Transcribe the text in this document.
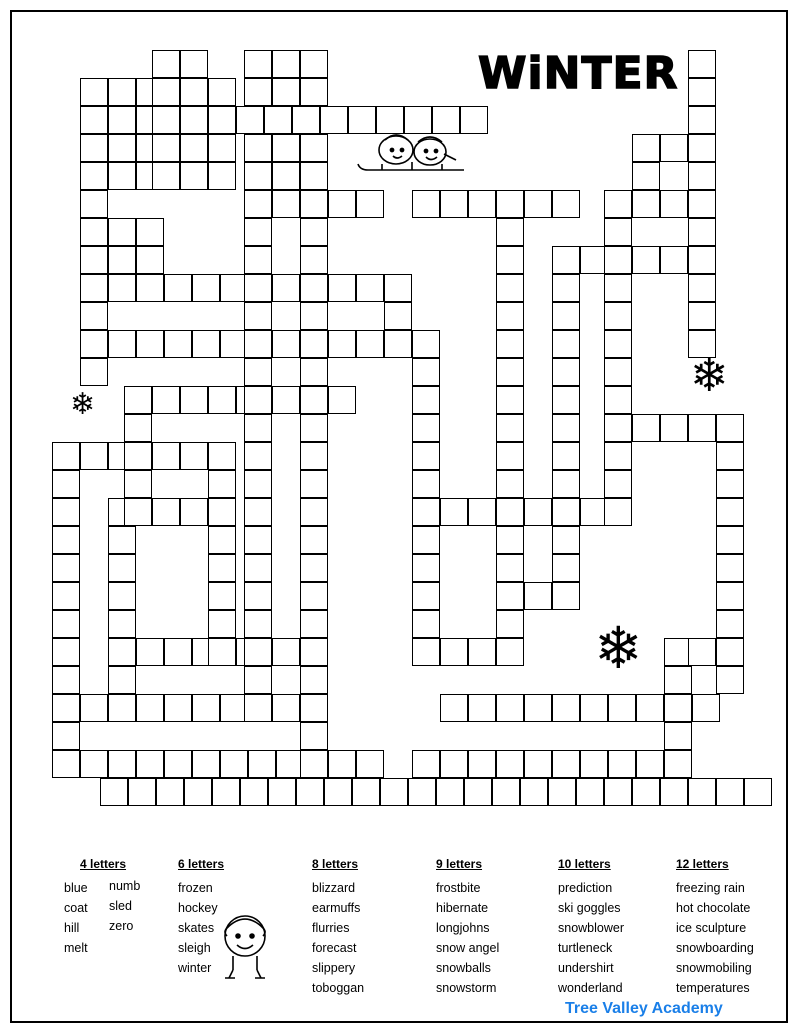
WiNTER
❄
❄
❄
4 letters
blue
coat
hill
melt
numb
sled
zero
6 letters
frozen
hockey
skates
sleigh
winter
8 letters
blizzard
earmuffs
flurries
forecast
slippery
toboggan
9 letters
frostbite
hibernate
longjohns
snow angel
snowballs
snowstorm
10 letters
prediction
ski goggles
snowblower
turtleneck
undershirt
wonderland
12 letters
freezing rain
hot chocolate
ice sculpture
snowboarding
snowmobiling
temperatures
Tree Valley Academy
